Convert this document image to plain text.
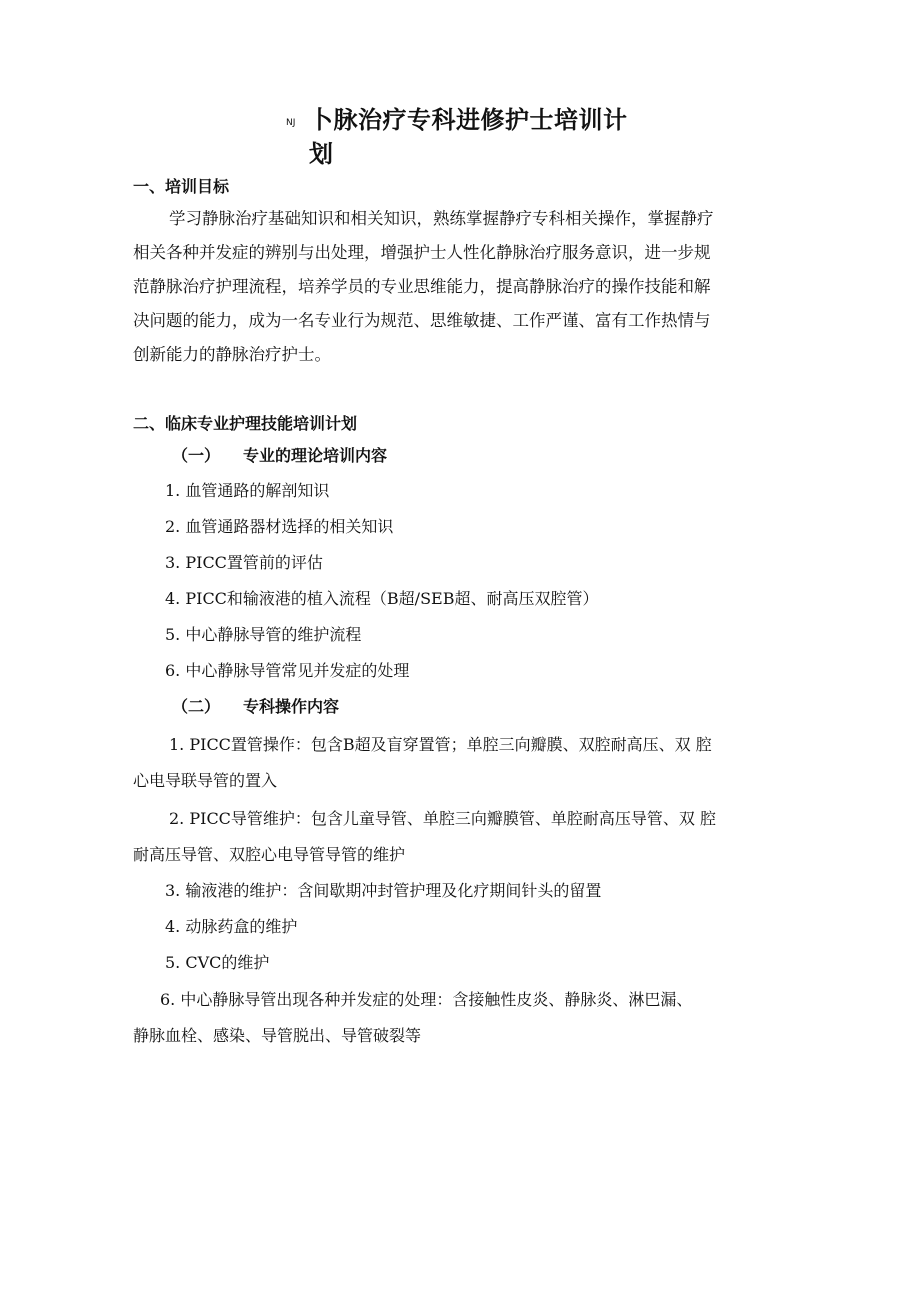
NJ 卜脉治疗专科进修护士培训计
划
一、培训目标
学习静脉治疗基础知识和相关知识，熟练掌握静疗专科相关操作，掌握静疗
相关各种并发症的辨别与出处理，增强护士人性化静脉治疗服务意识，进一步规
范静脉治疗护理流程，培养学员的专业思维能力，提高静脉治疗的操作技能和解
决问题的能力，成为一名专业行为规范、思维敏捷、工作严谨、富有工作热情与
创新能力的静脉治疗护士。
二、临床专业护理技能培训计划
（一） 专业的理论培训内容
1. 血管通路的解剖知识
2. 血管通路器材选择的相关知识
3. PICC置管前的评估
4. PICC和输液港的植入流程（B超/SEB超、耐高压双腔管）
5. 中心静脉导管的维护流程
6. 中心静脉导管常见并发症的处理
（二） 专科操作内容
1. PICC置管操作：包含B超及盲穿置管；单腔三向瓣膜、双腔耐高压、双 腔
心电导联导管的置入
2. PICC导管维护：包含儿童导管、单腔三向瓣膜管、单腔耐高压导管、双 腔
耐高压导管、双腔心电导管导管的维护
3. 输液港的维护：含间歇期冲封管护理及化疗期间针头的留置
4. 动脉药盒的维护
5. CVC的维护
6. 中心静脉导管出现各种并发症的处理：含接触性皮炎、静脉炎、淋巴漏、
静脉血栓、感染、导管脱出、导管破裂等
